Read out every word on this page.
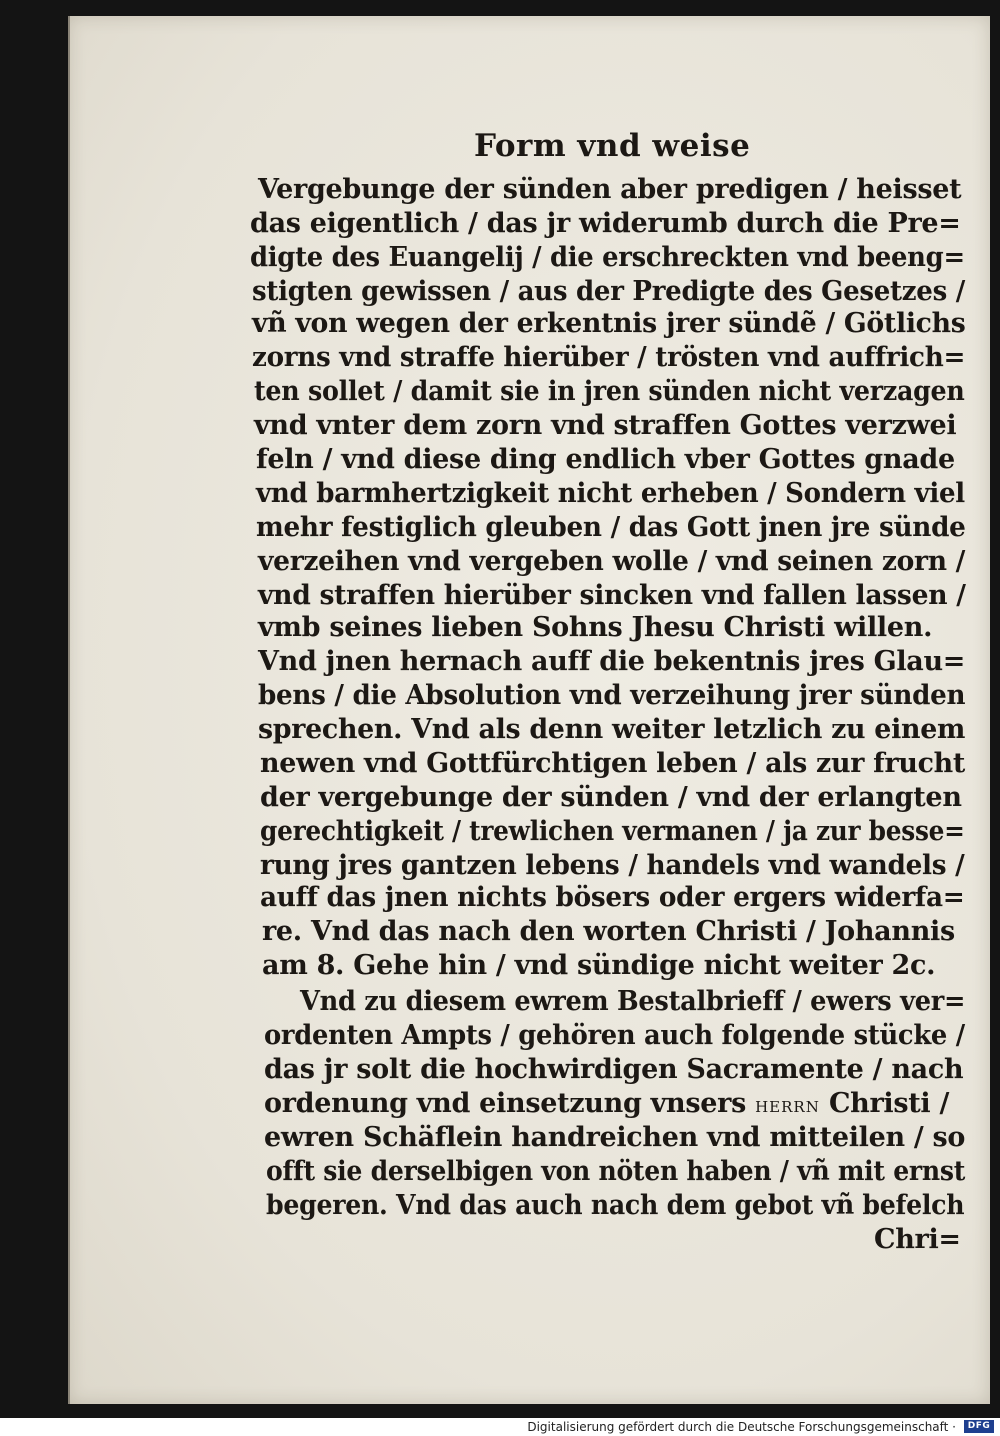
Form vnd weise
Vergebunge der sünden aber predigen / heisset
das eigentlich / das jr widerumb durch die Pre=
digte des Euangelij / die erschreckten vnd beeng=
stigten gewissen / aus der Predigte des Gesetzes /
vñ von wegen der erkentnis jrer sündẽ / Götlichs
zorns vnd straffe hierüber / trösten vnd auffrich=
ten sollet / damit sie in jren sünden nicht verzagen
vnd vnter dem zorn vnd straffen Gottes verzwei
feln / vnd diese ding endlich vber Gottes gnade
vnd barmhertzigkeit nicht erheben / Sondern viel
mehr festiglich gleuben / das Gott jnen jre sünde
verzeihen vnd vergeben wolle / vnd seinen zorn /
vnd straffen hierüber sincken vnd fallen lassen /
vmb seines lieben Sohns Jhesu Christi willen.
Vnd jnen hernach auff die bekentnis jres Glau=
bens / die Absolution vnd verzeihung jrer sünden
sprechen. Vnd als denn weiter letzlich zu einem
newen vnd Gottfürchtigen leben / als zur frucht
der vergebunge der sünden / vnd der erlangten
gerechtigkeit / trewlichen vermanen / ja zur besse=
rung jres gantzen lebens / handels vnd wandels /
auff das jnen nichts bösers oder ergers widerfa=
re. Vnd das nach den worten Christi / Johannis
am 8. Gehe hin / vnd sündige nicht weiter 2c.
Vnd zu diesem ewrem Bestalbrieff / ewers ver=
ordenten Ampts / gehören auch folgende stücke /
das jr solt die hochwirdigen Sacramente / nach
ordenung vnd einsetzung vnsers HERRN Christi /
ewren Schäflein handreichen vnd mitteilen / so
offt sie derselbigen von nöten haben / vñ mit ernst
begeren. Vnd das auch nach dem gebot vñ befelch
Chri=
Digitalisierung gefördert durch die Deutsche Forschungsgemeinschaft ·	DFG
